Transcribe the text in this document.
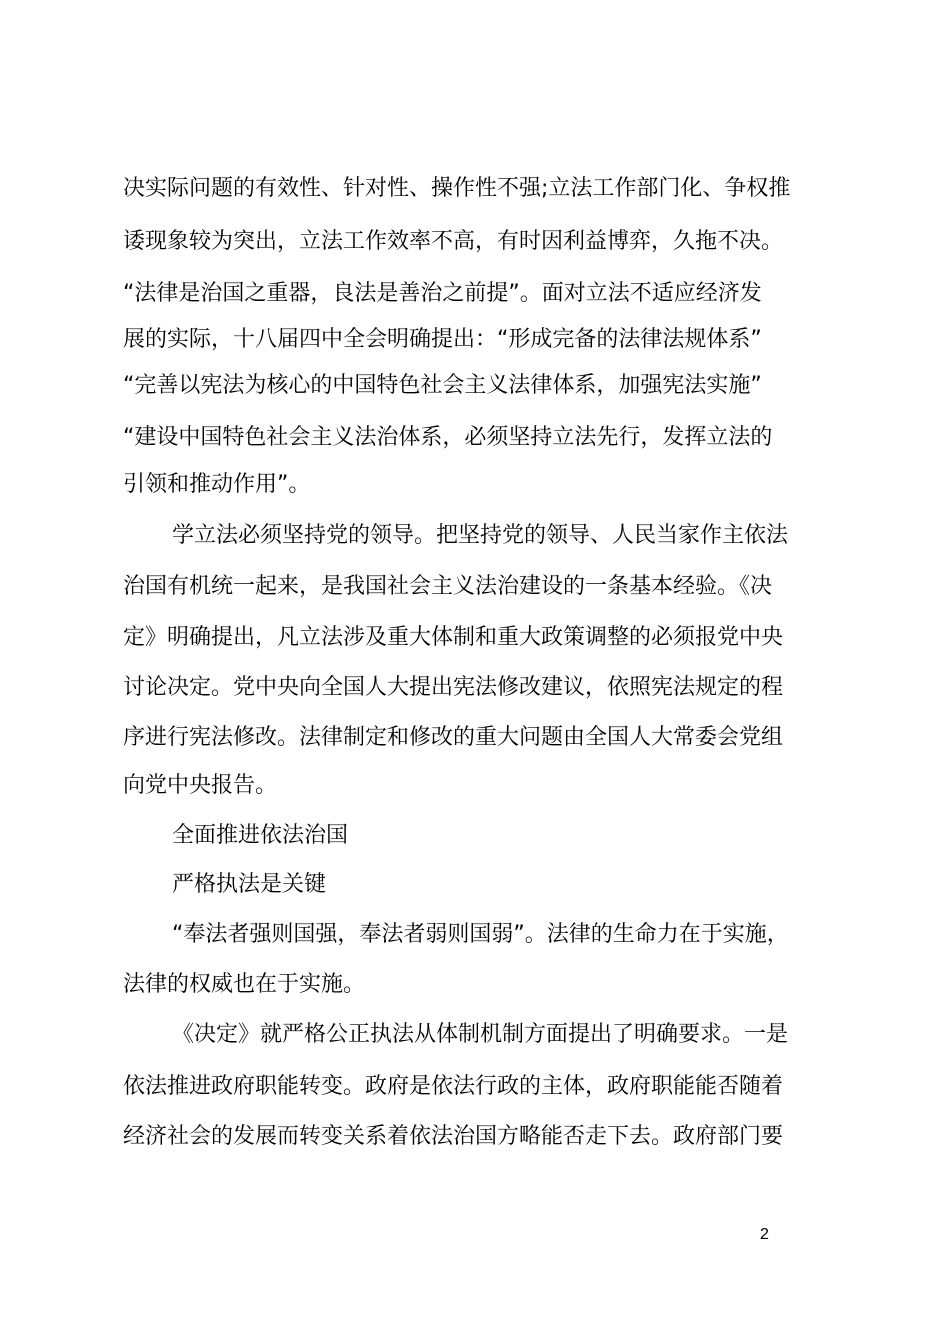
决实际问题的有效性、针对性、操作性不强;立法工作部门化、争权推
诿现象较为突出，立法工作效率不高，有时因利益博弈，久拖不决。
“法律是治国之重器，良法是善治之前提”。面对立法不适应经济发
展的实际，十八届四中全会明确提出：“形成完备的法律法规体系”
“完善以宪法为核心的中国特色社会主义法律体系，加强宪法实施”
“建设中国特色社会主义法治体系，必须坚持立法先行，发挥立法的
引领和推动作用”。
学立法必须坚持党的领导。把坚持党的领导、人民当家作主依法
治国有机统一起来，是我国社会主义法治建设的一条基本经验。《决
定》明确提出，凡立法涉及重大体制和重大政策调整的必须报党中央
讨论决定。党中央向全国人大提出宪法修改建议，依照宪法规定的程
序进行宪法修改。法律制定和修改的重大问题由全国人大常委会党组
向党中央报告。
全面推进依法治国
严格执法是关键
“奉法者强则国强，奉法者弱则国弱”。法律的生命力在于实施，
法律的权威也在于实施。
《决定》就严格公正执法从体制机制方面提出了明确要求。一是
依法推进政府职能转变。政府是依法行政的主体，政府职能能否随着
经济社会的发展而转变关系着依法治国方略能否走下去。政府部门要
2
